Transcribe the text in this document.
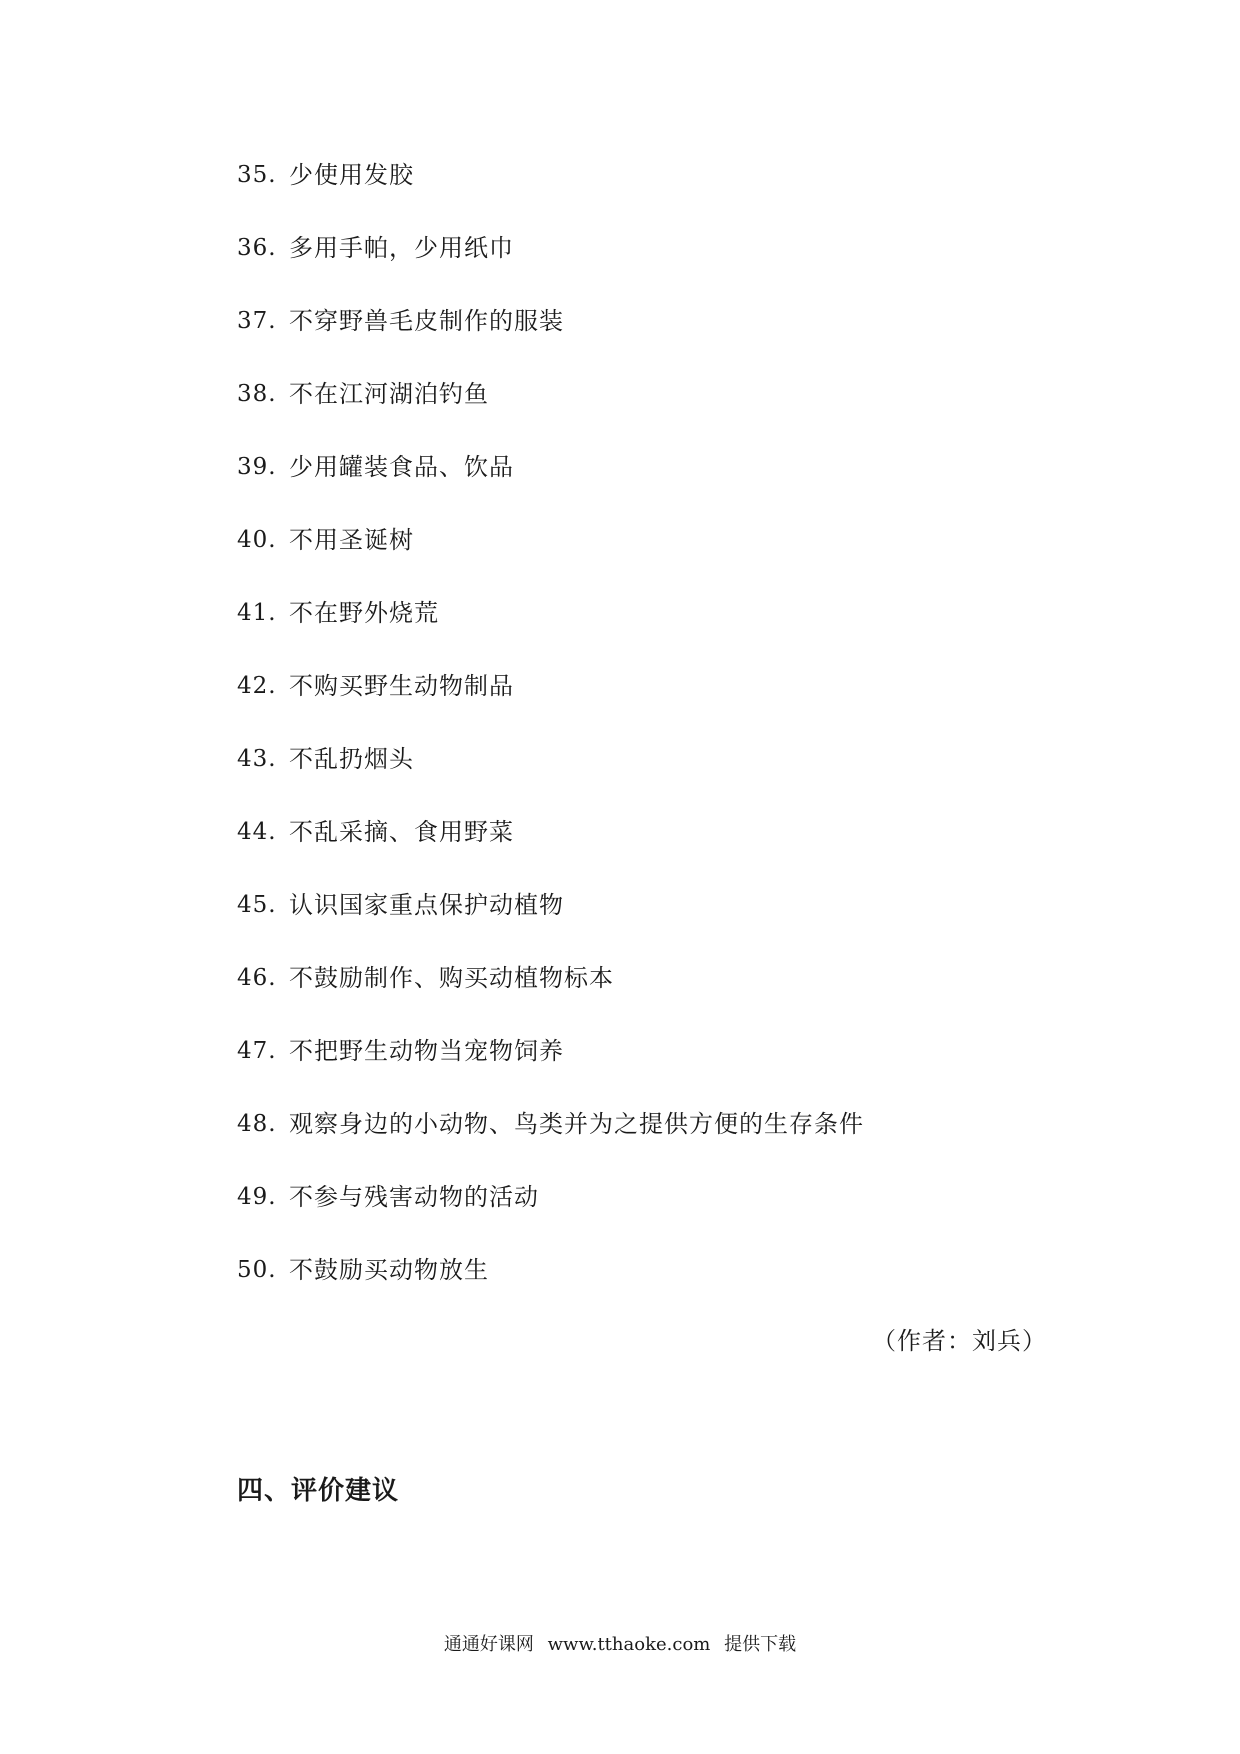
35. 少使用发胶
36. 多用手帕，少用纸巾
37. 不穿野兽毛皮制作的服装
38. 不在江河湖泊钓鱼
39. 少用罐装食品、饮品
40. 不用圣诞树
41. 不在野外烧荒
42. 不购买野生动物制品
43. 不乱扔烟头
44. 不乱采摘、食用野菜
45. 认识国家重点保护动植物
46. 不鼓励制作、购买动植物标本
47. 不把野生动物当宠物饲养
48. 观察身边的小动物、鸟类并为之提供方便的生存条件
49. 不参与残害动物的活动
50. 不鼓励买动物放生
（作者：刘兵）
四、评价建议
通通好课网 www.tthaoke.com 提供下载
